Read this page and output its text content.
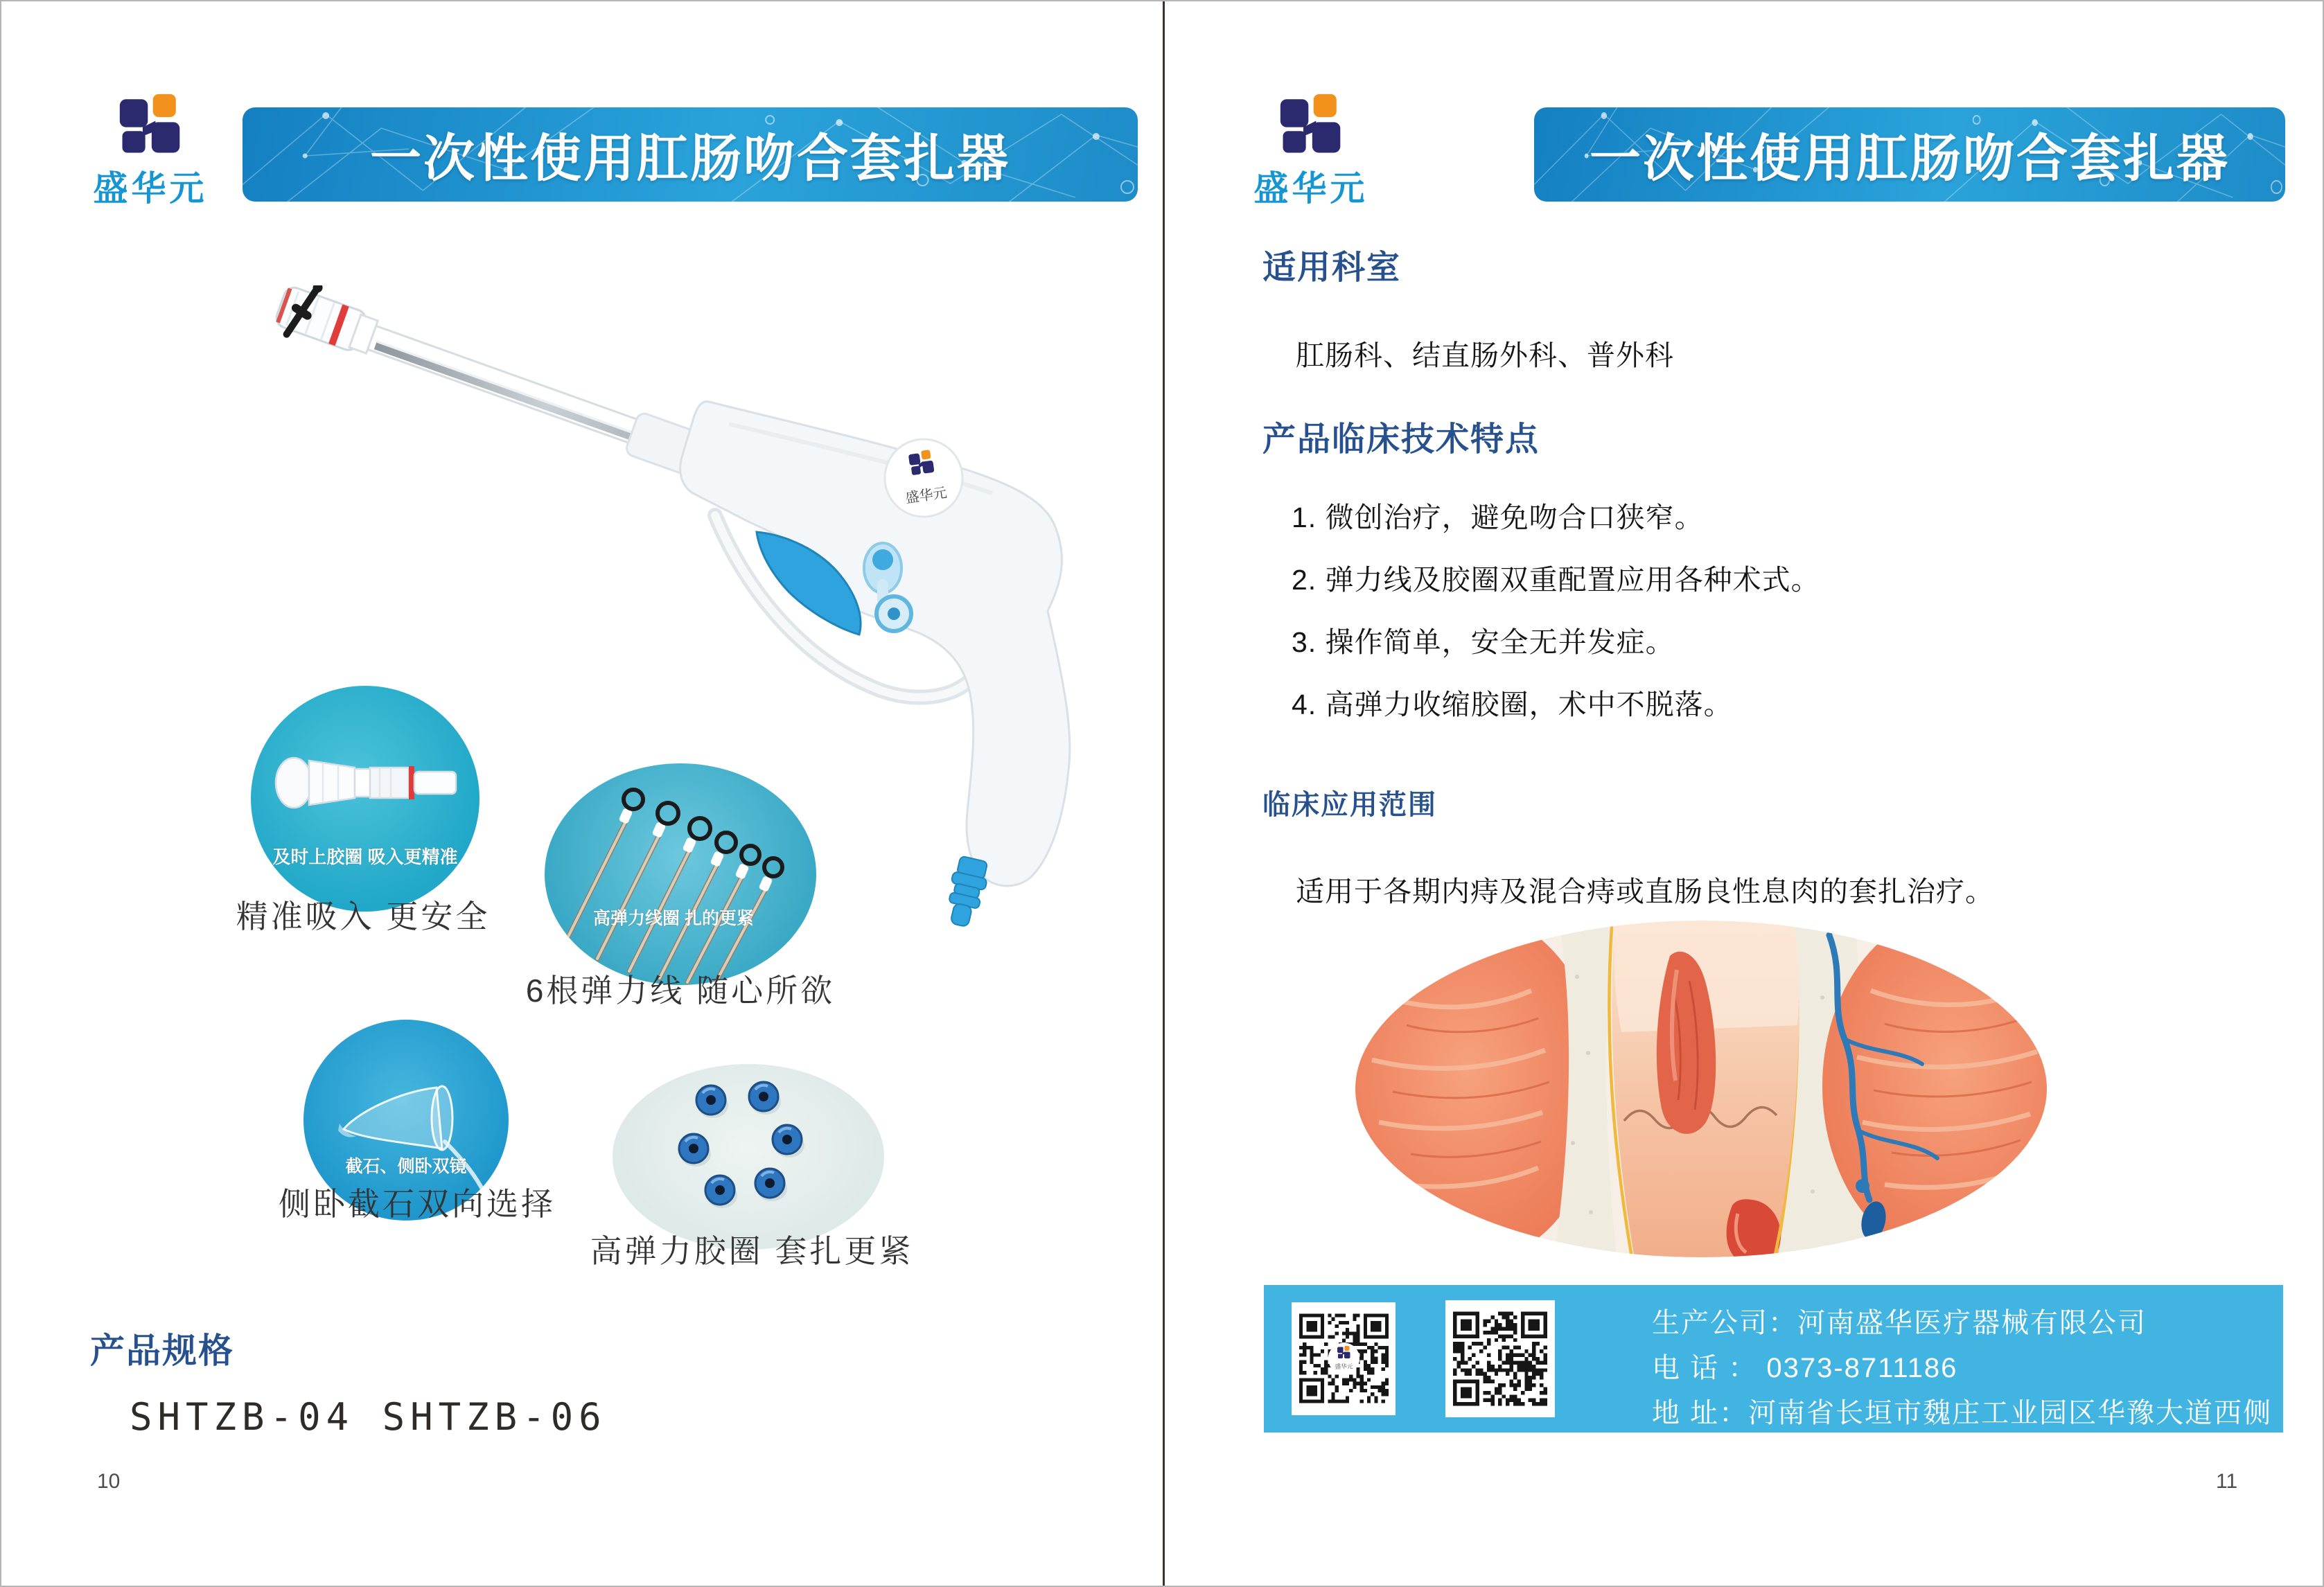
盛华元
一次性使用肛肠吻合套扎器
盛华元
及时上胶圈 吸入更精准
精准吸入 更安全	高弹力线圈 扎的更紧
6根弹力线 随心所欲
截石、侧卧双镜
侧卧截石双向选择
高弹力胶圈 套扎更紧
产品规格
SHTZB-04 SHTZB-06
10
盛华元
一次性使用肛肠吻合套扎器
适用科室
肛肠科、结直肠外科、普外科
产品临床技术特点
1. 微创治疗，避免吻合口狭窄。
2. 弹力线及胶圈双重配置应用各种术式。
3. 操作简单，安全无并发症。
4. 高弹力收缩胶圈，术中不脱落。
临床应用范围
适用于各期内痔及混合痔或直肠良性息肉的套扎治疗。
盛华元
生产公司：河南盛华医疗器械有限公司
电 话 ： 0373-8711186
地 址：河南省长垣市魏庄工业园区华豫大道西侧
11
